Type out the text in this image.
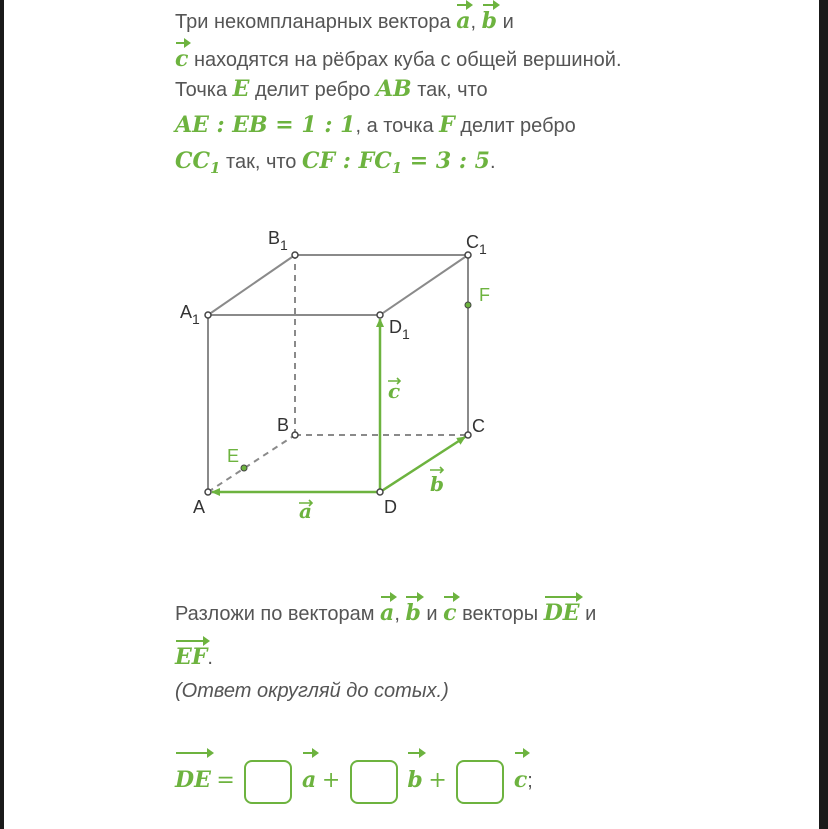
A	D
B	C
$A_1$	$D_1$
$B_1$	$C_1$
E
F
a
b
c
Три некомпланарных вектора a, b и
c находятся на рёбрах куба с общей вершиной.
Точка E делит ребро AB так, что
AE : EB = 1 : 1, а точка F делит ребро
$CC_1$ так, что CF : $FC_1 = 3$ : 5.
Разложи по векторам a, b и c векторы DE и
EF.
(Ответ округляй до сотых.)
DE =	a +	b +	c;
